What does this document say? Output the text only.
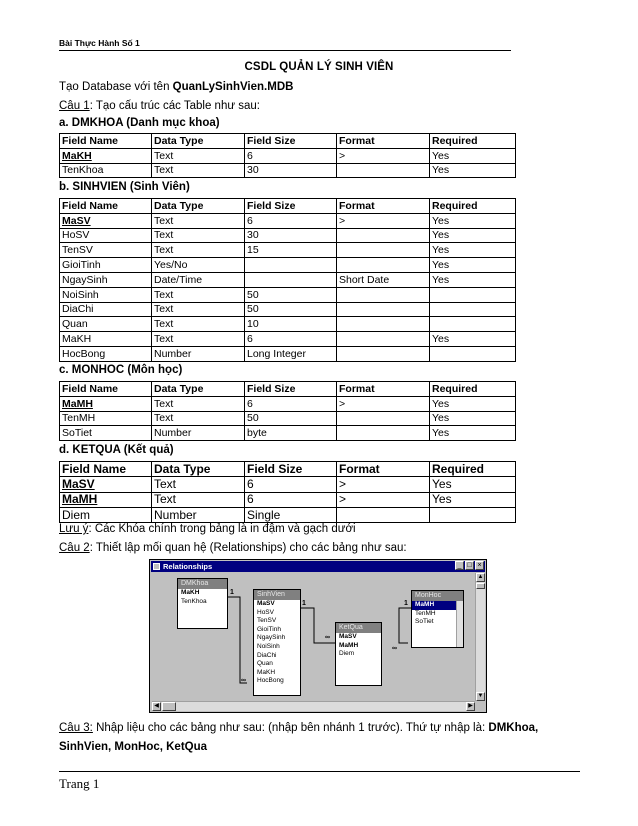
Bài Thực Hành Số 1
CSDL QUẢN LÝ SINH VIÊN
Tạo Database với tên QuanLySinhVien.MDB
Câu 1: Tạo cấu trúc các Table như sau:
a. DMKHOA (Danh mục khoa)
Field Name	Data Type	Field Size	Format	Required
MaKH	Text	6	>	Yes
TenKhoa	Text	30		Yes
b. SINHVIEN (Sinh Viên)
Field Name	Data Type	Field Size	Format	Required
MaSV	Text	6	>	Yes
HoSV	Text	30		Yes
TenSV	Text	15		Yes
GioiTinh	Yes/No			Yes
NgaySinh	Date/Time		Short Date	Yes
NoiSinh	Text	50		
DiaChi	Text	50		
Quan	Text	10		
MaKH	Text	6		Yes
HocBong	Number	Long Integer		
c. MONHOC (Môn học)
Field Name	Data Type	Field Size	Format	Required
MaMH	Text	6	>	Yes
TenMH	Text	50		Yes
SoTiet	Number	byte		Yes
d. KETQUA (Kết quả)
Field Name	Data Type	Field Size	Format	Required
MaSV	Text	6	>	Yes
MaMH	Text	6	>	Yes
Diem	Number	Single		
Lưu ý: Các Khóa chính trong bảng là in đậm và gạch dưới
Câu 2: Thiết lập mối quan hệ (Relationships) cho các bảng như sau:
Relationships	_ □ ×
1
∞
1
∞
1
∞
DMKhoa
MaKH
TenKhoa
SinhVien
MaSV
HoSV
TenSV
GioiTinh
NgaySinh
NoiSinh
DiaChi
Quan
MaKH
HocBong
KetQua
MaSV
MaMH
Diem
MonHoc
MaMH
TenMH
SoTiet
▲
▼
◀	▶
Câu 3: Nhập liệu cho các bảng như sau: (nhập bên nhánh 1 trước). Thứ tự nhập là: DMKhoa,
SinhVien, MonHoc, KetQua
Trang 1
